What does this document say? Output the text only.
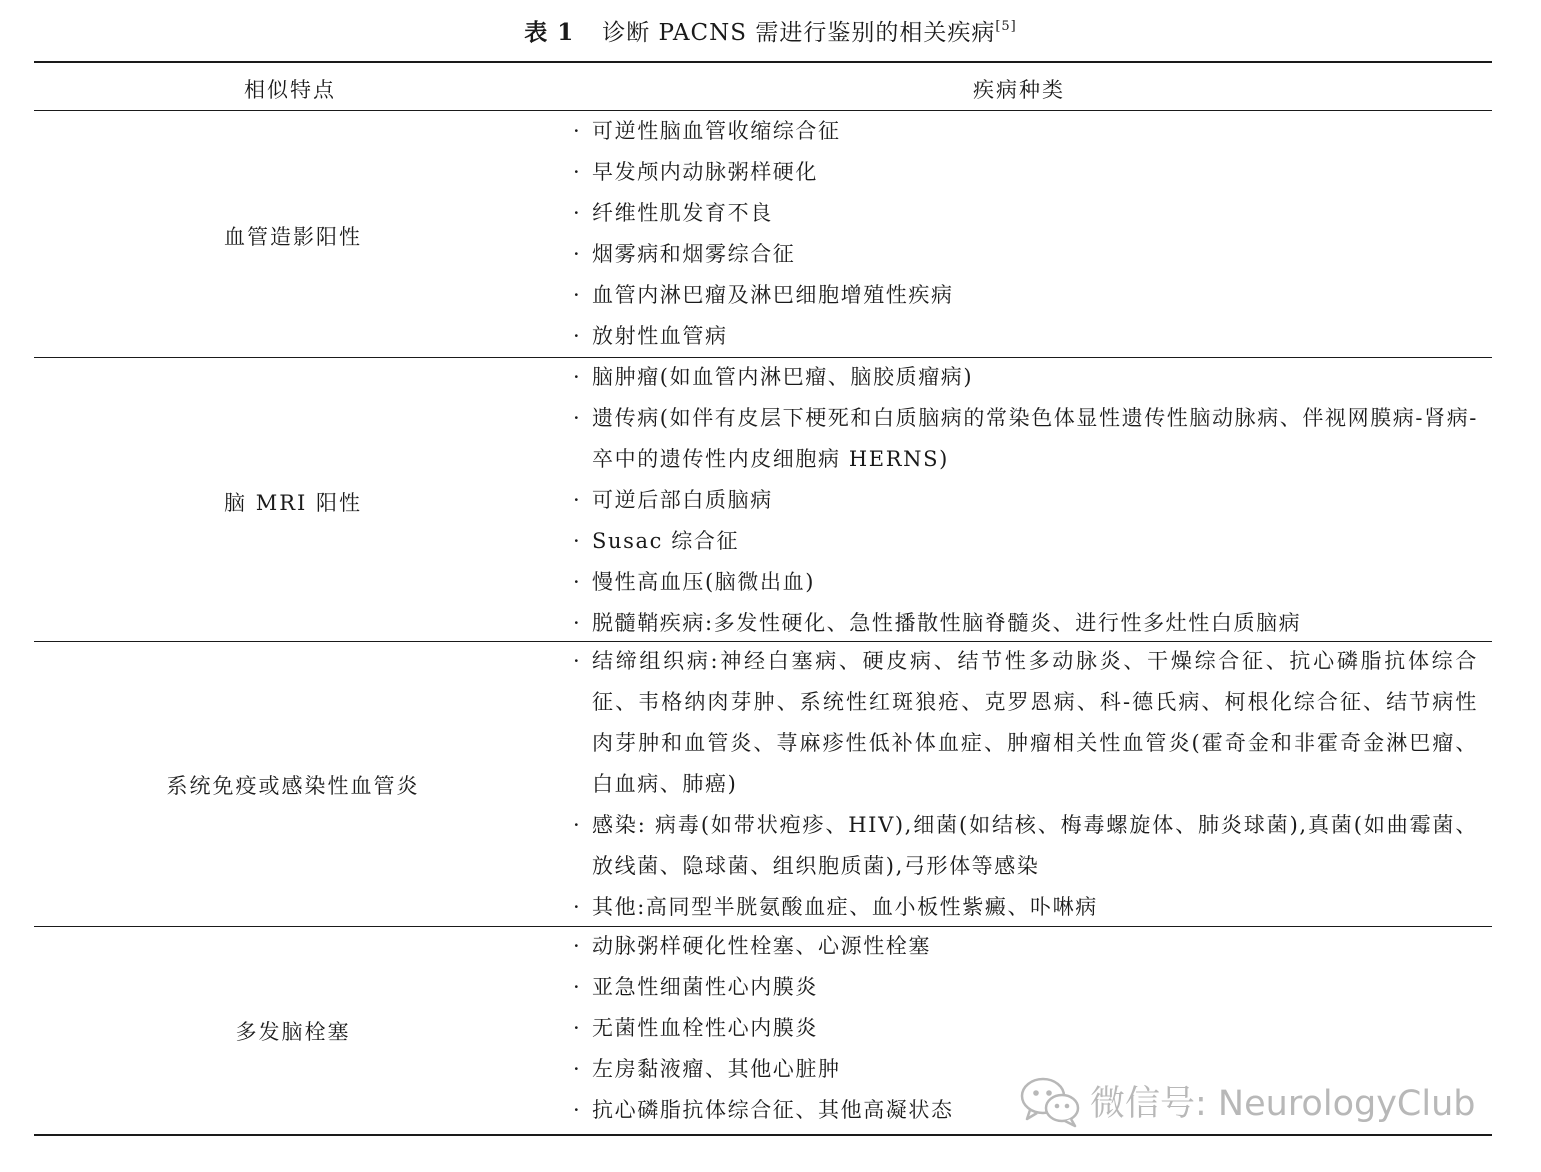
表 1 诊断 PACNS 需进行鉴别的相关疾病[5]
相似特点	疾病种类
血管造影阳性
· 可逆性脑血管收缩综合征
· 早发颅内动脉粥样硬化
· 纤维性肌发育不良
· 烟雾病和烟雾综合征
· 血管内淋巴瘤及淋巴细胞增殖性疾病
· 放射性血管病
脑 MRI 阳性
· 脑肿瘤(如血管内淋巴瘤、脑胶质瘤病)
· 遗传病(如伴有皮层下梗死和白质脑病的常染色体显性遗传性脑动脉病、伴视网膜病-肾病-卒中的遗传性内皮细胞病 HERNS)
· 可逆后部白质脑病
· Susac 综合征
· 慢性高血压(脑微出血)
· 脱髓鞘疾病:多发性硬化、急性播散性脑脊髓炎、进行性多灶性白质脑病
系统免疫或感染性血管炎
· 结缔组织病:神经白塞病、硬皮病、结节性多动脉炎、干燥综合征、抗心磷脂抗体综合征、韦格纳肉芽肿、系统性红斑狼疮、克罗恩病、科-德氏病、柯根化综合征、结节病性肉芽肿和血管炎、荨麻疹性低补体血症、肿瘤相关性血管炎(霍奇金和非霍奇金淋巴瘤、白血病、肺癌)
· 感染: 病毒(如带状疱疹、HIV),细菌(如结核、梅毒螺旋体、肺炎球菌),真菌(如曲霉菌、放线菌、隐球菌、组织胞质菌),弓形体等感染
· 其他:高同型半胱氨酸血症、血小板性紫癜、卟啉病
多发脑栓塞
· 动脉粥样硬化性栓塞、心源性栓塞
· 亚急性细菌性心内膜炎
· 无菌性血栓性心内膜炎
· 左房黏液瘤、其他心脏肿
· 抗心磷脂抗体综合征、其他高凝状态	微信号: NeurologyClub
